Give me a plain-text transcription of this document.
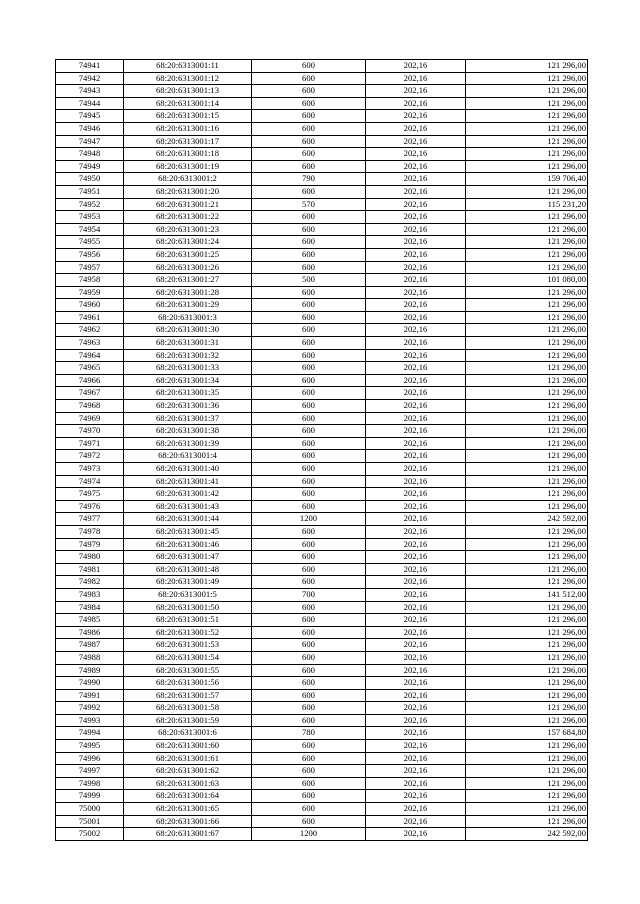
74941	68:20:6313001:11	600	202,16	121 296,00
74942	68:20:6313001:12	600	202,16	121 296,00
74943	68:20:6313001:13	600	202,16	121 296,00
74944	68:20:6313001:14	600	202,16	121 296,00
74945	68:20:6313001:15	600	202,16	121 296,00
74946	68:20:6313001:16	600	202,16	121 296,00
74947	68:20:6313001:17	600	202,16	121 296,00
74948	68:20:6313001:18	600	202,16	121 296,00
74949	68:20:6313001:19	600	202,16	121 296,00
74950	68:20:6313001:2	790	202,16	159 706,40
74951	68:20:6313001:20	600	202,16	121 296,00
74952	68:20:6313001:21	570	202,16	115 231,20
74953	68:20:6313001:22	600	202,16	121 296,00
74954	68:20:6313001:23	600	202,16	121 296,00
74955	68:20:6313001:24	600	202,16	121 296,00
74956	68:20:6313001:25	600	202,16	121 296,00
74957	68:20:6313001:26	600	202,16	121 296,00
74958	68:20:6313001:27	500	202,16	101 080,00
74959	68:20:6313001:28	600	202,16	121 296,00
74960	68:20:6313001:29	600	202,16	121 296,00
74961	68:20:6313001:3	600	202,16	121 296,00
74962	68:20:6313001:30	600	202,16	121 296,00
74963	68:20:6313001:31	600	202,16	121 296,00
74964	68:20:6313001:32	600	202,16	121 296,00
74965	68:20:6313001:33	600	202,16	121 296,00
74966	68:20:6313001:34	600	202,16	121 296,00
74967	68:20:6313001:35	600	202,16	121 296,00
74968	68:20:6313001:36	600	202,16	121 296,00
74969	68:20:6313001:37	600	202,16	121 296,00
74970	68:20:6313001:38	600	202,16	121 296,00
74971	68:20:6313001:39	600	202,16	121 296,00
74972	68:20:6313001:4	600	202,16	121 296,00
74973	68:20:6313001:40	600	202,16	121 296,00
74974	68:20:6313001:41	600	202,16	121 296,00
74975	68:20:6313001:42	600	202,16	121 296,00
74976	68:20:6313001:43	600	202,16	121 296,00
74977	68:20:6313001:44	1200	202,16	242 592,00
74978	68:20:6313001:45	600	202,16	121 296,00
74979	68:20:6313001:46	600	202,16	121 296,00
74980	68:20:6313001:47	600	202,16	121 296,00
74981	68:20:6313001:48	600	202,16	121 296,00
74982	68:20:6313001:49	600	202,16	121 296,00
74983	68:20:6313001:5	700	202,16	141 512,00
74984	68:20:6313001:50	600	202,16	121 296,00
74985	68:20:6313001:51	600	202,16	121 296,00
74986	68:20:6313001:52	600	202,16	121 296,00
74987	68:20:6313001:53	600	202,16	121 296,00
74988	68:20:6313001:54	600	202,16	121 296,00
74989	68:20:6313001:55	600	202,16	121 296,00
74990	68:20:6313001:56	600	202,16	121 296,00
74991	68:20:6313001:57	600	202,16	121 296,00
74992	68:20:6313001:58	600	202,16	121 296,00
74993	68:20:6313001:59	600	202,16	121 296,00
74994	68:20:6313001:6	780	202,16	157 684,80
74995	68:20:6313001:60	600	202,16	121 296,00
74996	68:20:6313001:61	600	202,16	121 296,00
74997	68:20:6313001:62	600	202,16	121 296,00
74998	68:20:6313001:63	600	202,16	121 296,00
74999	68:20:6313001:64	600	202,16	121 296,00
75000	68:20:6313001:65	600	202,16	121 296,00
75001	68:20:6313001:66	600	202,16	121 296,00
75002	68:20:6313001:67	1200	202,16	242 592,00
